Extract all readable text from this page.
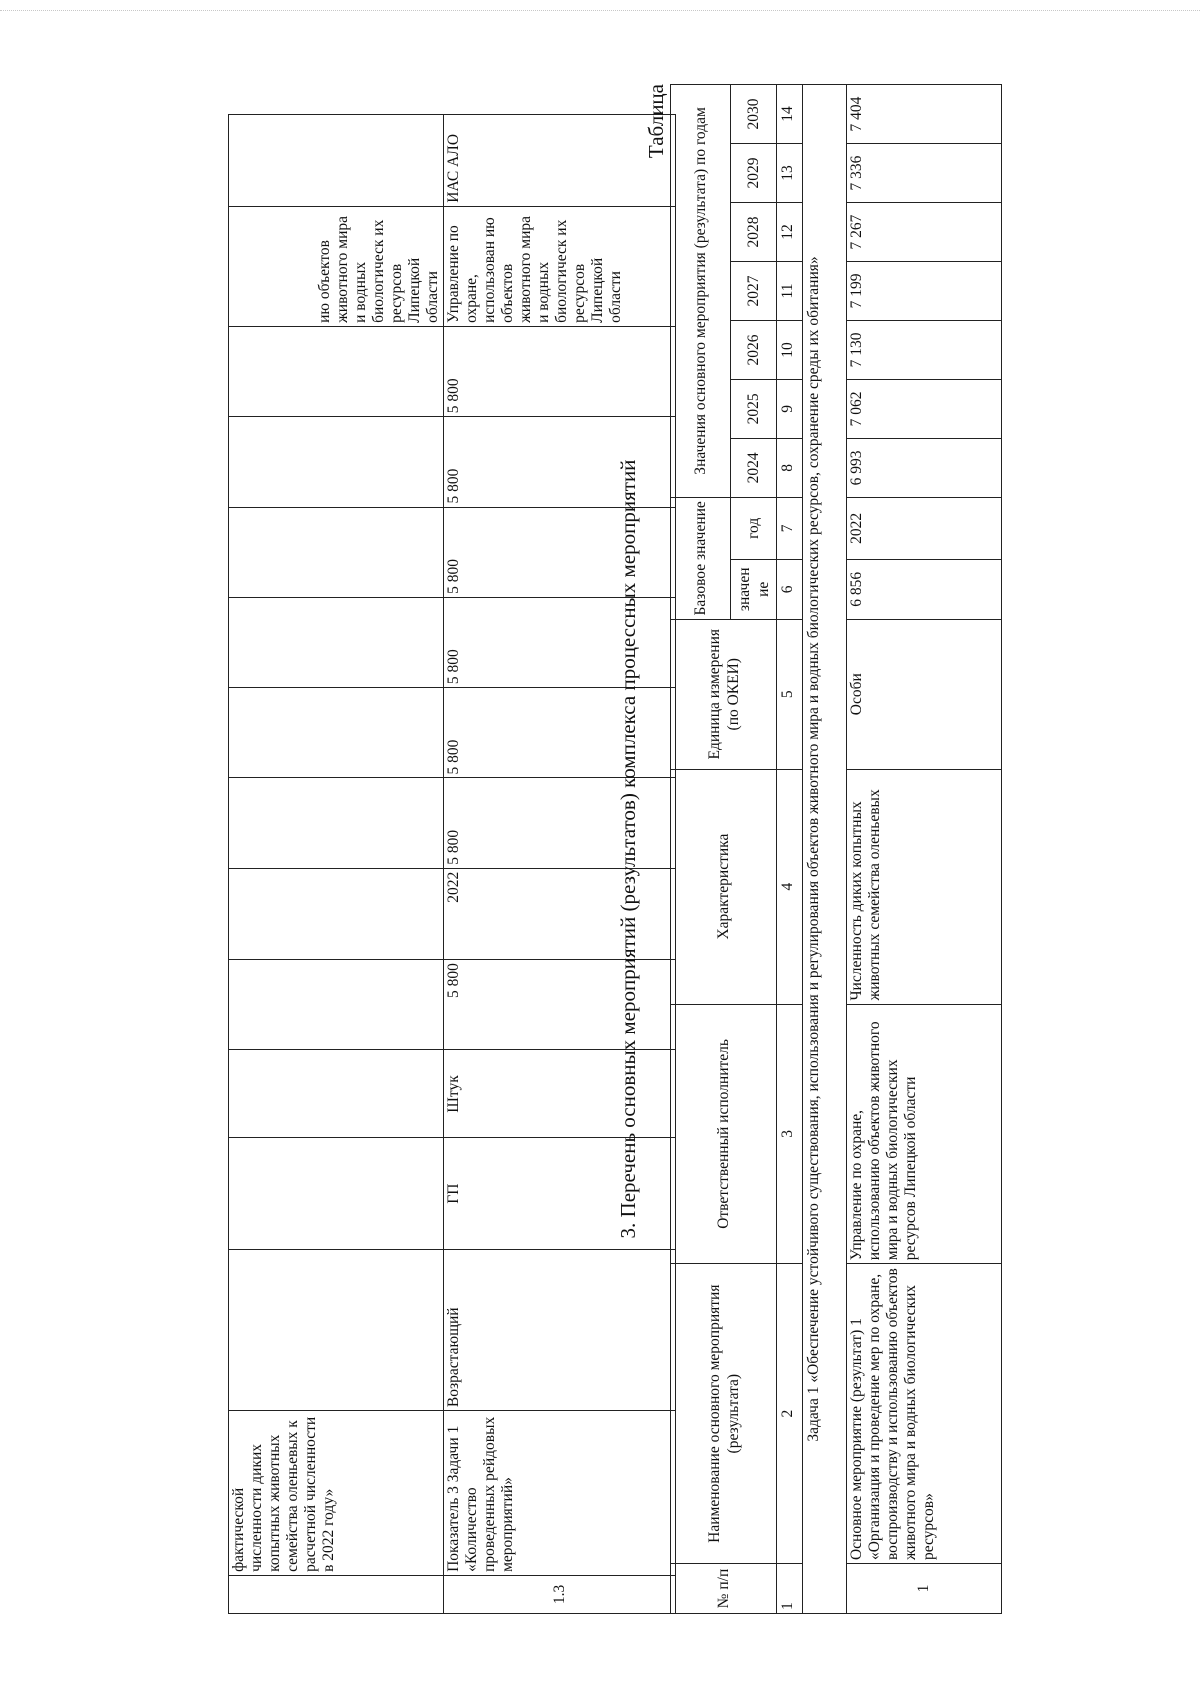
	фактической численности диких копытных животных семейства оленьевых к расчетной численности в 2022 году»												ию объектов животного мира и водных биологическ их ресурсов Липецкой области	
1.3	Показатель 3 Задачи 1 «Количество проведенных рейдовых мероприятий»	Возрастающий	ГП	Штук	5 800	2022	5 800	5 800	5 800	5 800	5 800	5 800	Управление по охране, использован ию объектов животного мира и водных биологическ их ресурсов Липецкой области	ИАС АЛО
3. Перечень основных мероприятий (результатов) комплекса процессных мероприятий
Таблица
№ п/п	Наименование основного мероприятия (результата)	Ответственный исполнитель	Характеристика	Единица измерения (по ОКЕИ)	Базовое значение		Значения основного мероприятия (результата) по годам						
					значен ие	год	2024	2025	2026	2027	2028	2029	2030
1	2	3	4	5	6	7	8	9	10	11	12	13	14
Задача 1 «Обеспечение устойчивого существования, использования и регулирования объектов животного мира и водных биологических ресурсов, сохранение среды их обитания»													
1	Основное мероприятие (результат) 1 «Организация и проведение мер по охране, воспроизводству и использованию объектов животного мира и водных биологических ресурсов»	Управление по охране, использованию объектов животного мира и водных биологических ресурсов Липецкой области	Численность диких копытных животных семейства оленьевых	Особи	6 856	2022	6 993	7 062	7 130	7 199	7 267	7 336	7 404
